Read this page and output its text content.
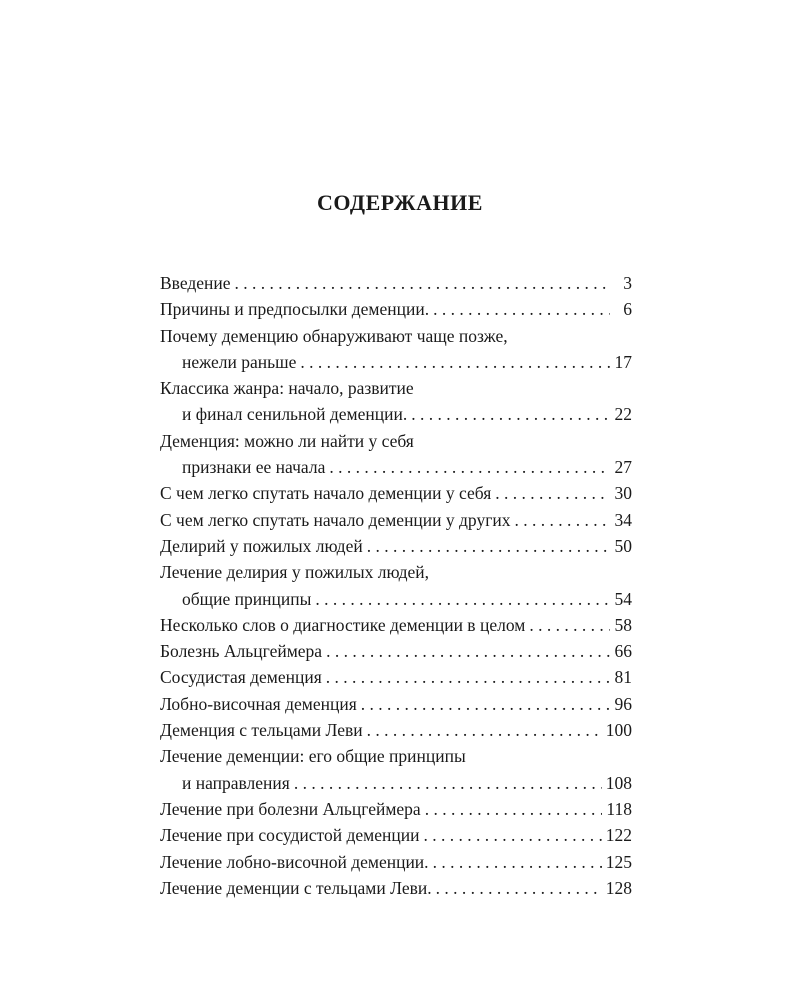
СОДЕРЖАНИЕ
Введение . . .	3
Причины и предпосылки деменции. . . .	6
Почему деменцию обнаруживают чаще позже,
нежели раньше . . .	17
Классика жанра: начало, развитие
и финал сенильной деменции. . . .	22
Деменция: можно ли найти у себя
признаки ее начала . . .	27
С чем легко спутать начало деменции у себя . . .	30
С чем легко спутать начало деменции у других . . .	34
Делирий у пожилых людей . . .	50
Лечение делирия у пожилых людей,
общие принципы . . .	54
Несколько слов о диагностике деменции в целом . . .	58
Болезнь Альцгеймера . . .	66
Сосудистая деменция . . .	81
Лобно-височная деменция . . .	96
Деменция с тельцами Леви . . .	100
Лечение деменции: его общие принципы
и направления . . .	108
Лечение при болезни Альцгеймера . . .	118
Лечение при сосудистой деменции . . .	122
Лечение лобно-височной деменции. . . .	125
Лечение деменции с тельцами Леви. . . .	128
